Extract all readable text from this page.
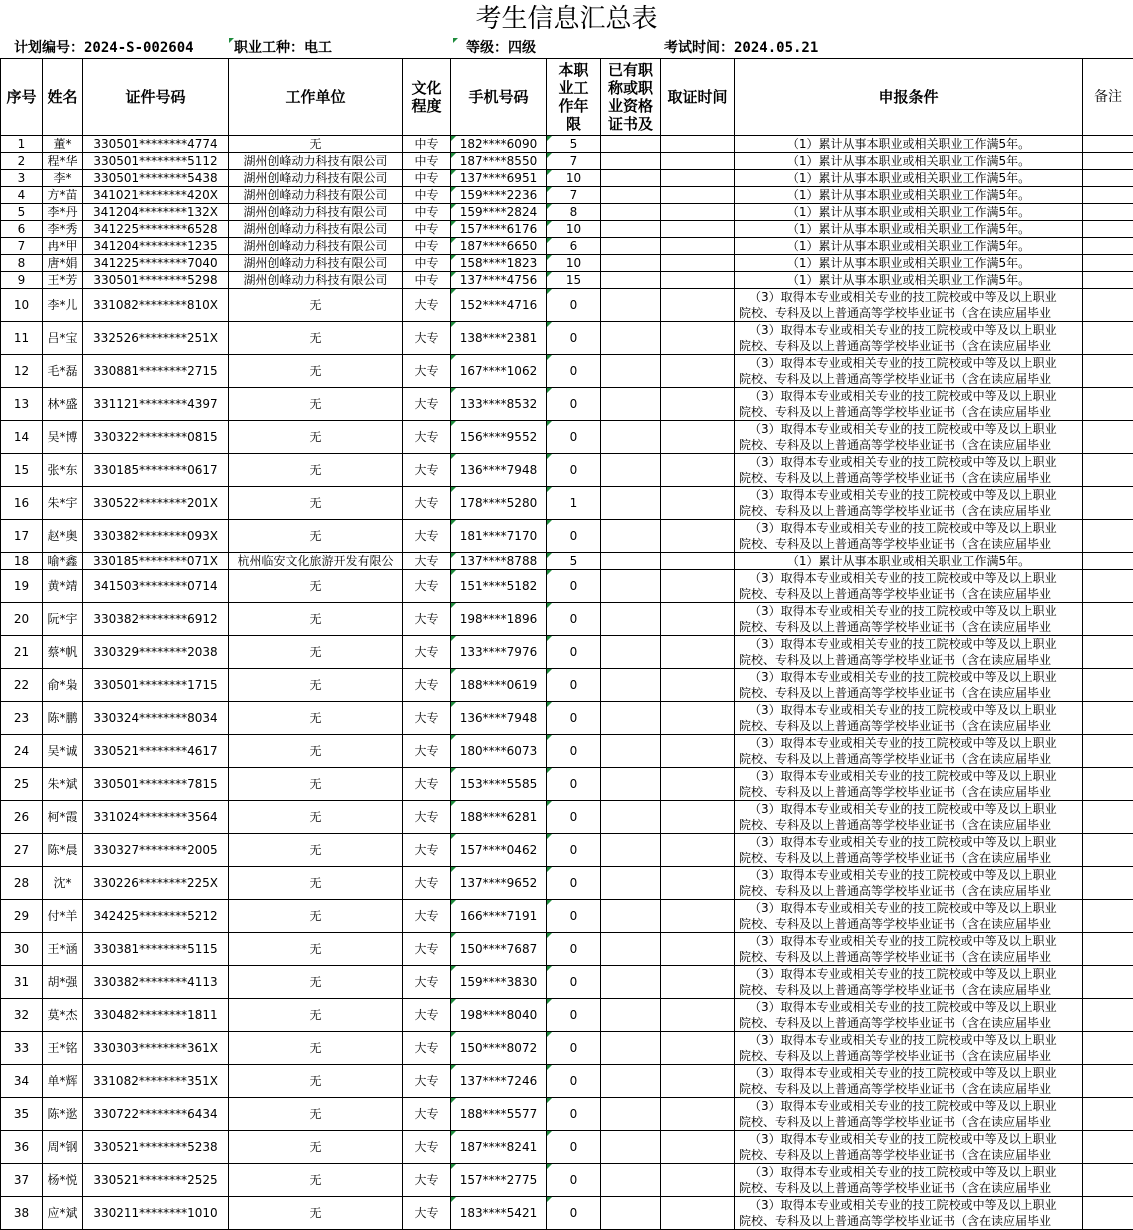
考生信息汇总表
计划编号：2024-S-002604	职业工种：电工	等级：四级	考试时间：2024.05.21
序号	姓名	证件号码	工作单位	文化程度	手机号码	本职业工作年限	已有职称或职业资格证书及	取证时间	申报条件	备注
1	董*	330501********4774	无	中专	182****6090	5			（1）累计从事本职业或相关职业工作满5年。	
2	程*华	330501********5112	湖州创峰动力科技有限公司	中专	187****8550	7			（1）累计从事本职业或相关职业工作满5年。	
3	李*	330501********5438	湖州创峰动力科技有限公司	中专	137****6951	10			（1）累计从事本职业或相关职业工作满5年。	
4	方*苗	341021********420X	湖州创峰动力科技有限公司	中专	159****2236	7			（1）累计从事本职业或相关职业工作满5年。	
5	李*丹	341204********132X	湖州创峰动力科技有限公司	中专	159****2824	8			（1）累计从事本职业或相关职业工作满5年。	
6	李*秀	341225********6528	湖州创峰动力科技有限公司	中专	157****6176	10			（1）累计从事本职业或相关职业工作满5年。	
7	冉*甲	341204********1235	湖州创峰动力科技有限公司	中专	187****6650	6			（1）累计从事本职业或相关职业工作满5年。	
8	唐*娟	341225********7040	湖州创峰动力科技有限公司	中专	158****1823	10			（1）累计从事本职业或相关职业工作满5年。	
9	王*芳	330501********5298	湖州创峰动力科技有限公司	中专	137****4756	15			（1）累计从事本职业或相关职业工作满5年。	
10	李*儿	331082********810X	无	大专	152****4716	0			（3）取得本专业或相关专业的技工院校或中等及以上职业
院校、专科及以上普通高等学校毕业证书（含在读应届毕业	

11	吕*宝	332526********251X	无	大专	138****2381	0			（3）取得本专业或相关专业的技工院校或中等及以上职业
院校、专科及以上普通高等学校毕业证书（含在读应届毕业	

12	毛*磊	330881********2715	无	大专	167****1062	0			（3）取得本专业或相关专业的技工院校或中等及以上职业
院校、专科及以上普通高等学校毕业证书（含在读应届毕业	

13	林*盛	331121********4397	无	大专	133****8532	0			（3）取得本专业或相关专业的技工院校或中等及以上职业
院校、专科及以上普通高等学校毕业证书（含在读应届毕业	

14	吴*博	330322********0815	无	大专	156****9552	0			（3）取得本专业或相关专业的技工院校或中等及以上职业
院校、专科及以上普通高等学校毕业证书（含在读应届毕业	

15	张*东	330185********0617	无	大专	136****7948	0			（3）取得本专业或相关专业的技工院校或中等及以上职业
院校、专科及以上普通高等学校毕业证书（含在读应届毕业	

16	朱*宇	330522********201X	无	大专	178****5280	1			（3）取得本专业或相关专业的技工院校或中等及以上职业
院校、专科及以上普通高等学校毕业证书（含在读应届毕业	

17	赵*奥	330382********093X	无	大专	181****7170	0			（3）取得本专业或相关专业的技工院校或中等及以上职业
院校、专科及以上普通高等学校毕业证书（含在读应届毕业	

18	喻*鑫	330185********071X	杭州临安文化旅游开发有限公	大专	137****8788	5			（1）累计从事本职业或相关职业工作满5年。	
19	黄*靖	341503********0714	无	大专	151****5182	0			（3）取得本专业或相关专业的技工院校或中等及以上职业
院校、专科及以上普通高等学校毕业证书（含在读应届毕业	

20	阮*宇	330382********6912	无	大专	198****1896	0			（3）取得本专业或相关专业的技工院校或中等及以上职业
院校、专科及以上普通高等学校毕业证书（含在读应届毕业	

21	蔡*帆	330329********2038	无	大专	133****7976	0			（3）取得本专业或相关专业的技工院校或中等及以上职业
院校、专科及以上普通高等学校毕业证书（含在读应届毕业	

22	俞*枭	330501********1715	无	大专	188****0619	0			（3）取得本专业或相关专业的技工院校或中等及以上职业
院校、专科及以上普通高等学校毕业证书（含在读应届毕业	

23	陈*鹏	330324********8034	无	大专	136****7948	0			（3）取得本专业或相关专业的技工院校或中等及以上职业
院校、专科及以上普通高等学校毕业证书（含在读应届毕业	

24	吴*诚	330521********4617	无	大专	180****6073	0			（3）取得本专业或相关专业的技工院校或中等及以上职业
院校、专科及以上普通高等学校毕业证书（含在读应届毕业	

25	朱*斌	330501********7815	无	大专	153****5585	0			（3）取得本专业或相关专业的技工院校或中等及以上职业
院校、专科及以上普通高等学校毕业证书（含在读应届毕业	

26	柯*霞	331024********3564	无	大专	188****6281	0			（3）取得本专业或相关专业的技工院校或中等及以上职业
院校、专科及以上普通高等学校毕业证书（含在读应届毕业	

27	陈*晨	330327********2005	无	大专	157****0462	0			（3）取得本专业或相关专业的技工院校或中等及以上职业
院校、专科及以上普通高等学校毕业证书（含在读应届毕业	

28	沈*	330226********225X	无	大专	137****9652	0			（3）取得本专业或相关专业的技工院校或中等及以上职业
院校、专科及以上普通高等学校毕业证书（含在读应届毕业	

29	付*羊	342425********5212	无	大专	166****7191	0			（3）取得本专业或相关专业的技工院校或中等及以上职业
院校、专科及以上普通高等学校毕业证书（含在读应届毕业	

30	王*涵	330381********5115	无	大专	150****7687	0			（3）取得本专业或相关专业的技工院校或中等及以上职业
院校、专科及以上普通高等学校毕业证书（含在读应届毕业	

31	胡*强	330382********4113	无	大专	159****3830	0			（3）取得本专业或相关专业的技工院校或中等及以上职业
院校、专科及以上普通高等学校毕业证书（含在读应届毕业	

32	莫*杰	330482********1811	无	大专	198****8040	0			（3）取得本专业或相关专业的技工院校或中等及以上职业
院校、专科及以上普通高等学校毕业证书（含在读应届毕业	

33	王*铭	330303********361X	无	大专	150****8072	0			（3）取得本专业或相关专业的技工院校或中等及以上职业
院校、专科及以上普通高等学校毕业证书（含在读应届毕业	

34	单*辉	331082********351X	无	大专	137****7246	0			（3）取得本专业或相关专业的技工院校或中等及以上职业
院校、专科及以上普通高等学校毕业证书（含在读应届毕业	

35	陈*逖	330722********6434	无	大专	188****5577	0			（3）取得本专业或相关专业的技工院校或中等及以上职业
院校、专科及以上普通高等学校毕业证书（含在读应届毕业	

36	周*钢	330521********5238	无	大专	187****8241	0			（3）取得本专业或相关专业的技工院校或中等及以上职业
院校、专科及以上普通高等学校毕业证书（含在读应届毕业	

37	杨*悦	330521********2525	无	大专	157****2775	0			（3）取得本专业或相关专业的技工院校或中等及以上职业
院校、专科及以上普通高等学校毕业证书（含在读应届毕业	

38	应*斌	330211********1010	无	大专	183****5421	0			（3）取得本专业或相关专业的技工院校或中等及以上职业
院校、专科及以上普通高等学校毕业证书（含在读应届毕业	
